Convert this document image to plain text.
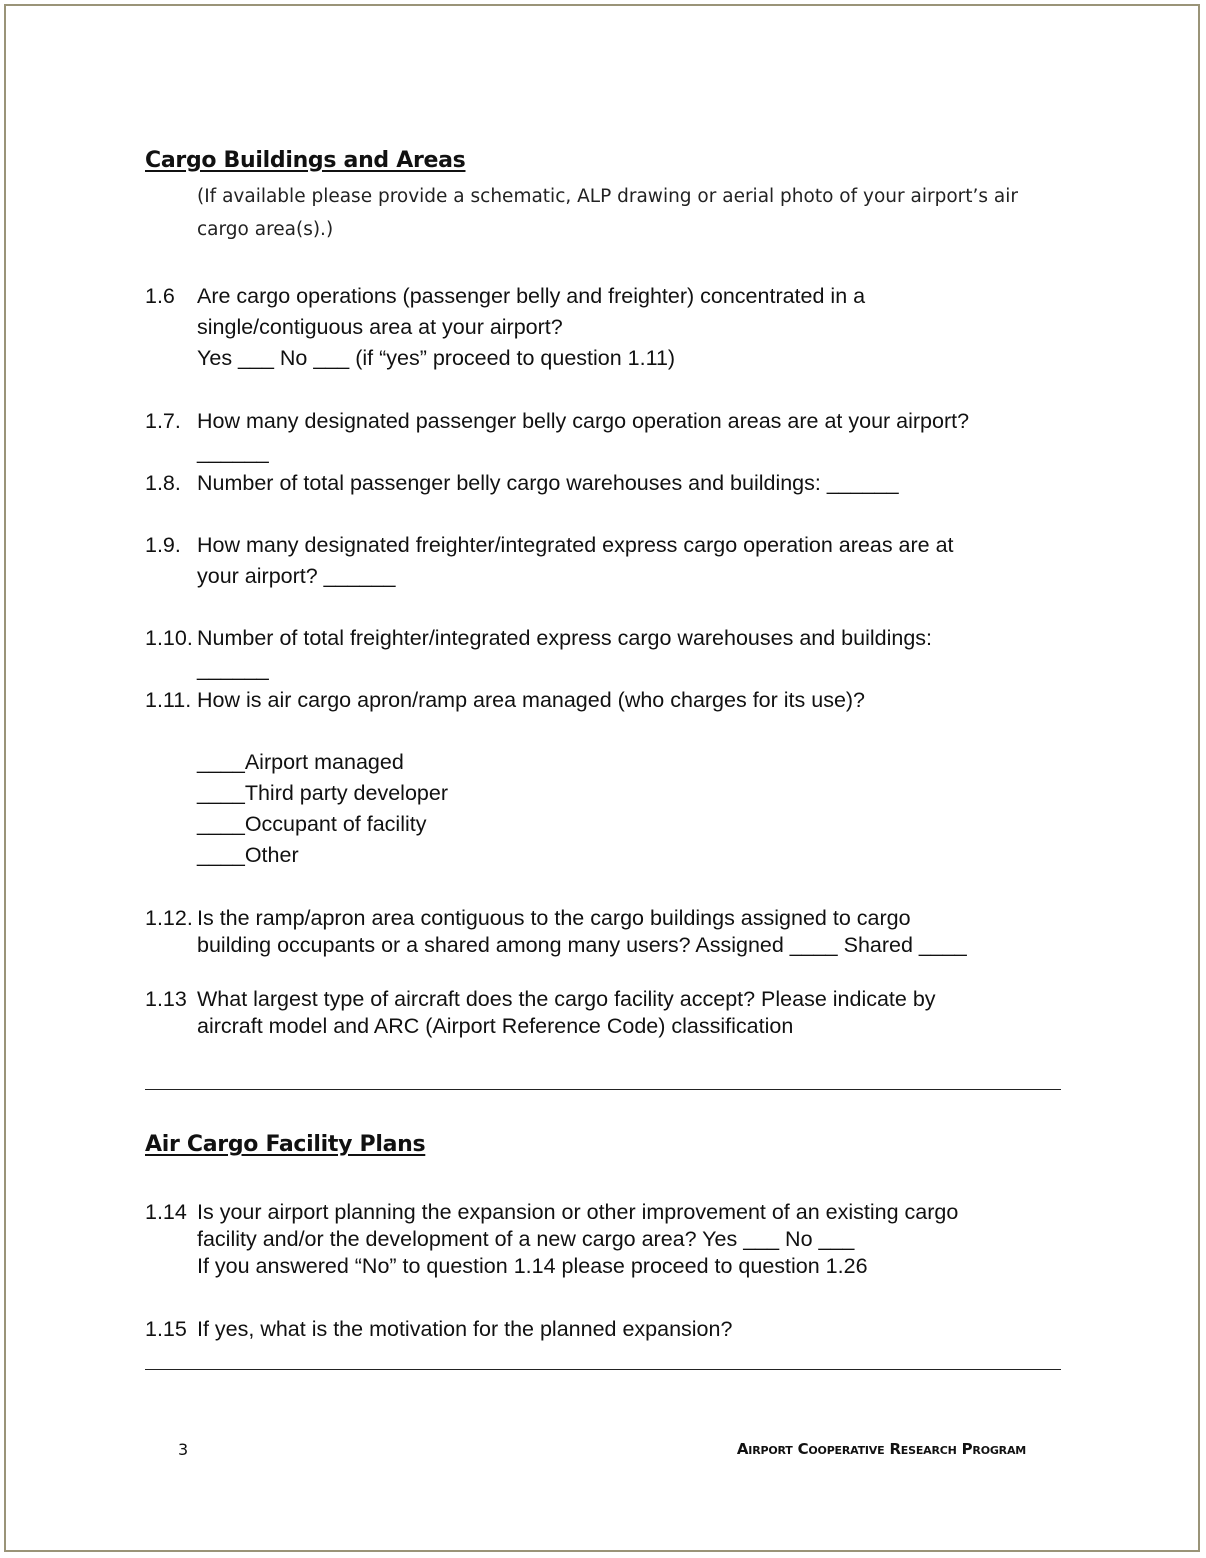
Cargo Buildings and Areas
(If available please provide a schematic, ALP drawing or aerial photo of your airport’s air
cargo area(s).)
1.6 Are cargo operations (passenger belly and freighter) concentrated in a
single/contiguous area at your airport?
Yes ___ No ___ (if “yes” proceed to question 1.11)
1.7. How many designated passenger belly cargo operation areas are at your airport?
______
1.8. Number of total passenger belly cargo warehouses and buildings: ______
1.9. How many designated freighter/integrated express cargo operation areas are at
your airport? ______
1.10. Number of total freighter/integrated express cargo warehouses and buildings:
______
1.11. How is air cargo apron/ramp area managed (who charges for its use)?
____Airport managed
____Third party developer
____Occupant of facility
____Other
1.12. Is the ramp/apron area contiguous to the cargo buildings assigned to cargo
building occupants or a shared among many users? Assigned ____ Shared ____
1.13 What largest type of aircraft does the cargo facility accept? Please indicate by
aircraft model and ARC (Airport Reference Code) classification
Air Cargo Facility Plans
1.14 Is your airport planning the expansion or other improvement of an existing cargo
facility and/or the development of a new cargo area? Yes ___ No ___
If you answered “No” to question 1.14 please proceed to question 1.26
1.15 If yes, what is the motivation for the planned expansion?
3	Airport Cooperative Research Program
